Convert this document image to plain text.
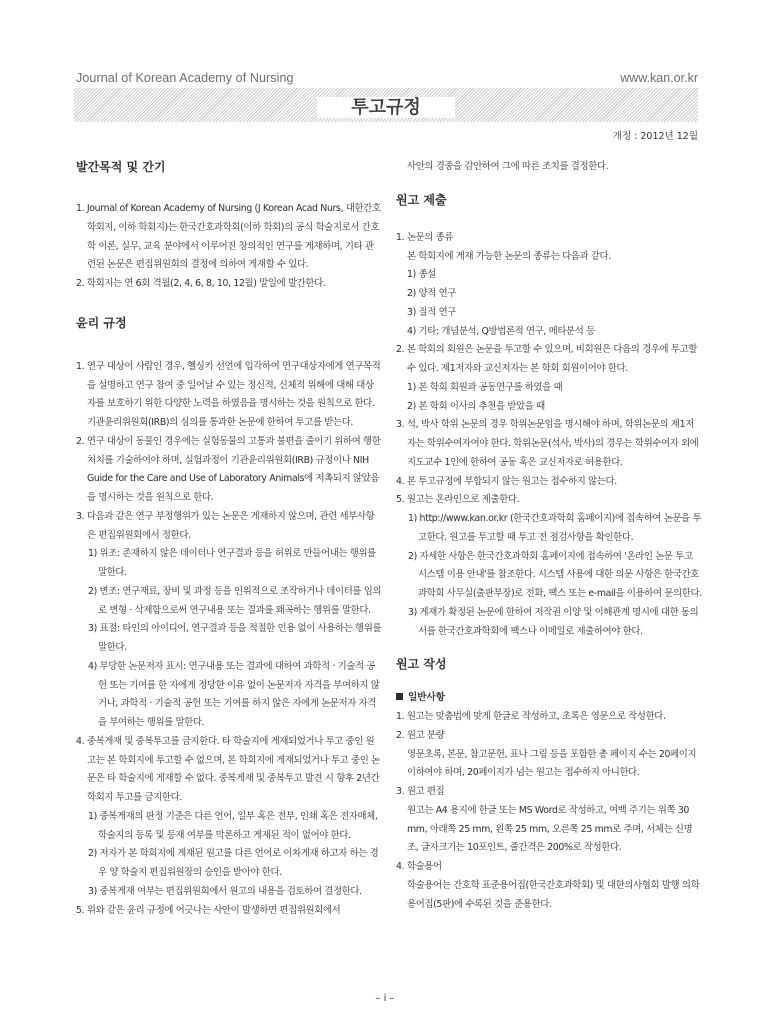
Journal of Korean Academy of Nursing	www.kan.or.kr
투고규정
개정 : 2012년 12월
발간목적 및 간기

1. Journal of Korean Academy of Nursing (J Korean Acad Nurs, 대한간호학회지, 이하 학회지)는 한국간호과학회(이하 학회)의 공식 학술지로서 간호학 이론, 실무, 교육 분야에서 이루어진 창의적인 연구를 게재하며, 기타 관련된 논문은 편집위원회의 결정에 의하여 게재할 수 있다.

2. 학회지는 연 6회 격월(2, 4, 6, 8, 10, 12월) 말일에 발간한다.

윤리 규정

1. 연구 대상이 사람인 경우, 헬싱키 선언에 입각하여 연구대상자에게 연구목적을 설명하고 연구 참여 중 일어날 수 있는 정신적, 신체적 위해에 대해 대상자를 보호하기 위한 다양한 노력을 하였음을 명시하는 것을 원칙으로 한다. 기관윤리위원회(IRB)의 심의를 통과한 논문에 한하여 투고를 받는다.

2. 연구 대상이 동물인 경우에는 실험동물의 고통과 불편을 줄이기 위하여 행한 처치를 기술하여야 하며, 실험과정이 기관윤리위원회(IRB) 규정이나 NIH Guide for the Care and Use of Laboratory Animals에 저촉되지 않았음을 명시하는 것을 원칙으로 한다.

3. 다음과 같은 연구 부정행위가 있는 논문은 게재하지 않으며, 관련 세부사항은 편집위원회에서 정한다.

1) 위조: 존재하지 않은 데이터나 연구결과 등을 허위로 만들어내는 행위를 말한다.

2) 변조: 연구재료, 장비 및 과정 등을 인위적으로 조작하거나 데이터를 임의로 변형 · 삭제함으로써 연구내용 또는 결과를 왜곡하는 행위를 말한다.

3) 표절: 타인의 아이디어, 연구결과 등을 적절한 인용 없이 사용하는 행위를 말한다.

4) 부당한 논문저자 표시: 연구내용 또는 결과에 대하여 과학적 · 기술적 공헌 또는 기여를 한 자에게 정당한 이유 없이 논문저자 자격을 부여하지 않거나, 과학적 · 기술적 공헌 또는 기여를 하지 않은 자에게 논문저자 자격을 부여하는 행위를 말한다.

4. 중복게재 및 중복투고를 금지한다. 타 학술지에 게재되었거나 투고 중인 원고는 본 학회지에 투고할 수 없으며, 본 학회지에 게재되었거나 투고 중인 논문은 타 학술지에 게재할 수 없다. 중복게재 및 중복투고 발견 시 향후 2년간 학회지 투고를 금지한다.

1) 중복게재의 판정 기준은 다른 언어, 일부 혹은 전부, 인쇄 혹은 전자매체, 학술지의 등록 및 등재 여부를 막론하고 게재된 적이 없어야 한다.

2) 저자가 본 학회지에 게재된 원고를 다른 언어로 이차게재 하고자 하는 경우 양 학술지 편집위원장의 승인을 받아야 한다.

3) 중복게재 여부는 편집위원회에서 원고의 내용을 검토하여 결정한다.

5. 위와 같은 윤리 규정에 어긋나는 사안이 발생하면 편집위원회에서

사안의 경중을 감안하여 그에 따른 조치를 결정한다.

원고 제출

1. 논문의 종류

본 학회지에 게재 가능한 논문의 종류는 다음과 같다.

1) 종설

2) 양적 연구

3) 질적 연구

4) 기타: 개념분석, Q방법론적 연구, 메타분석 등

2. 본 학회의 회원은 논문을 투고할 수 있으며, 비회원은 다음의 경우에 투고할 수 있다. 제1저자와 교신저자는 본 학회 회원이어야 한다.

1) 본 학회 회원과 공동연구를 하였을 때

2) 본 학회 이사의 추천을 받았을 때

3. 석, 박사 학위 논문의 경우 학위논문임을 명시해야 하며, 학위논문의 제1저자는 학위수여자여야 한다. 학위논문(석사, 박사)의 경우는 학위수여자 외에 지도교수 1인에 한하여 공동 혹은 교신저자로 허용한다.

4. 본 투고규정에 부합되지 않는 원고는 접수하지 않는다.

5. 원고는 온라인으로 제출한다.

1) http://www.kan.or.kr (한국간호과학회 홈페이지)에 접속하여 논문을 투고한다. 원고를 투고할 때 투고 전 점검사항을 확인한다.

2) 자세한 사항은 한국간호과학회 홈페이지에 접속하여 '온라인 논문 투고 시스템 이용 안내'를 참조한다. 시스템 사용에 대한 의문 사항은 한국간호과학회 사무실(출판부장)로 전화, 팩스 또는 e-mail을 이용하여 문의한다.

3) 게재가 확정된 논문에 한하여 저작권 이양 및 이해관계 명시에 대한 동의서를 한국간호과학회에 팩스나 이메일로 제출하여야 한다.

원고 작성
일반사항

1. 원고는 맞춤법에 맞게 한글로 작성하고, 초록은 영문으로 작성한다.

2. 원고 분량

영문초록, 본문, 참고문헌, 표나 그림 등을 포함한 총 페이지 수는 20페이지 이하여야 하며, 20페이지가 넘는 원고는 접수하지 아니한다.

3. 원고 편집

원고는 A4 용지에 한글 또는 MS Word로 작성하고, 여백 주기는 위쪽 30 mm, 아래쪽 25 mm, 왼쪽 25 mm, 오른쪽 25 mm로 주며, 서체는 신명조, 글자크기는 10포인트, 줄간격은 200%로 작성한다.

4. 학술용어

학술용어는 간호학 표준용어집(한국간호과학회) 및 대한의사협회 발행 의학용어집(5판)에 수록된 것을 준용한다.

– i –
